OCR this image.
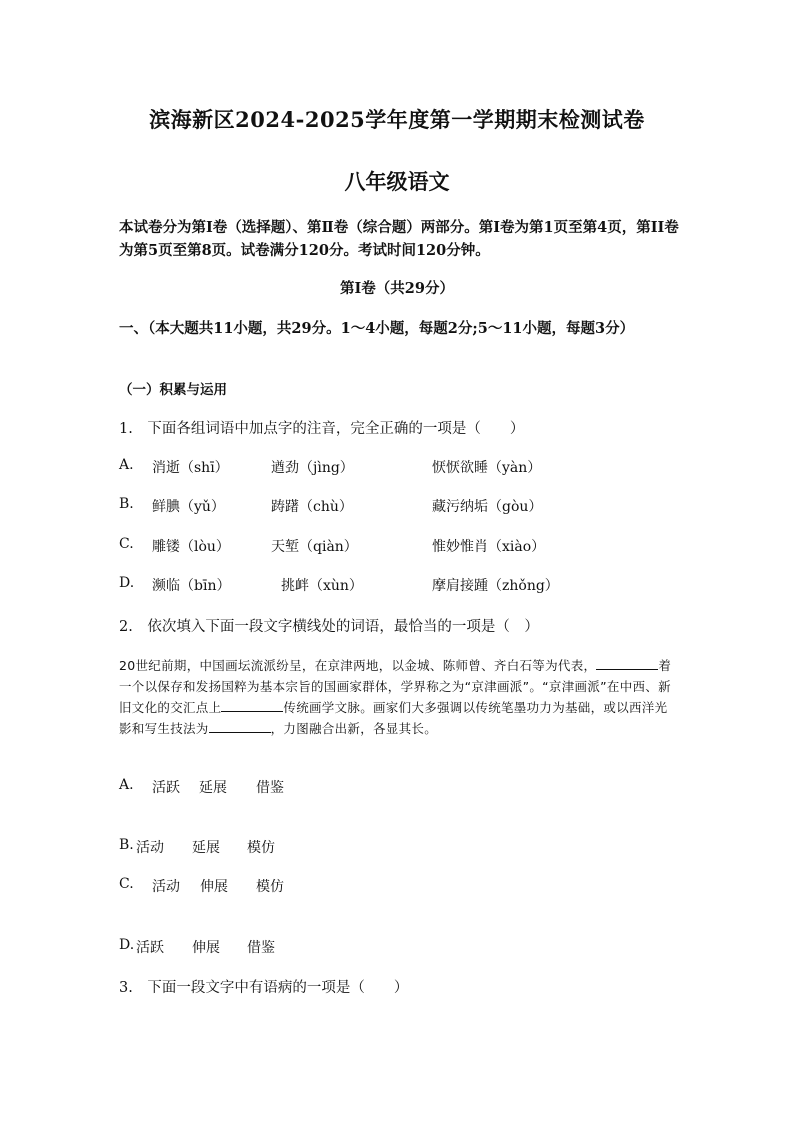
滨海新区2024-2025学年度第一学期期末检测试卷
八年级语文
本试卷分为第Ⅰ卷（选择题）、第Ⅱ卷（综合题）两部分。第Ⅰ卷为第1页至第4页，第II卷为第5页至第8页。试卷满分120分。考试时间120分钟。
第Ⅰ卷（共29分）
一、（本大题共11小题，共29分。1～4小题，每题2分;5～11小题，每题3分）
（一）积累与运用
1.　下面各组词语中加点字的注音，完全正确的一项是（　　）
A. 消逝（shī）	遒劲（jìng）	恹恹欲睡（yàn）
B. 鲜腆（yǔ）	踌躇（chù）	藏污纳垢（gòu）
C. 雕镂（lòu）	天堑（qiàn）	惟妙惟肖（xiào）
D. 濒临（bīn）	挑衅（xùn）	摩肩接踵（zhǒng）
2.　依次填入下面一段文字横线处的词语，最恰当的一项是（　）
20世纪前期，中国画坛流派纷呈，在京津两地，以金城、陈师曾、齐白石等为代表，	着一个以保存和发扬国粹为基本宗旨的国画家群体，学界称之为“京津画派”。“京津画派”在中西、新旧文化的交汇点上	传统画学文脉。画家们大多强调以传统笔墨功力为基础，或以西洋光影和写生技法为	，力图融合出新，各显其长。
A. 活跃 延展 借鉴
B. 活动 延展 模仿
C. 活动 伸展 模仿
D. 活跃 伸展 借鉴
3.　下面一段文字中有语病的一项是（　　）
